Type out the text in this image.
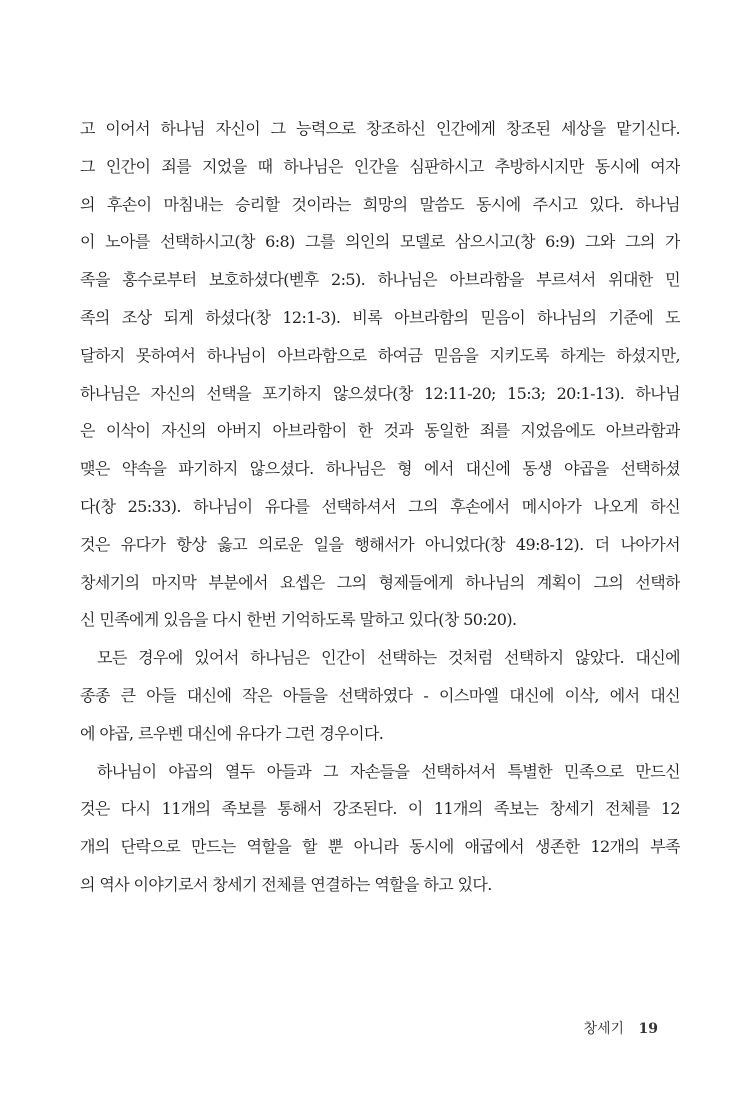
고 이어서 하나님 자신이 그 능력으로 창조하신 인간에게 창조된 세상을 맡기신다.
그 인간이 죄를 지었을 때 하나님은 인간을 심판하시고 추방하시지만 동시에 여자
의 후손이 마침내는 승리할 것이라는 희망의 말씀도 동시에 주시고 있다. 하나님
이 노아를 선택하시고(창 6:8) 그를 의인의 모델로 삼으시고(창 6:9) 그와 그의 가
족을 홍수로부터 보호하셨다(벧후 2:5). 하나님은 아브라함을 부르셔서 위대한 민
족의 조상 되게 하셨다(창 12:1-3). 비록 아브라함의 믿음이 하나님의 기준에 도
달하지 못하여서 하나님이 아브라함으로 하여금 믿음을 지키도록 하게는 하셨지만,
하나님은 자신의 선택을 포기하지 않으셨다(창 12:11-20; 15:3; 20:1-13). 하나님
은 이삭이 자신의 아버지 아브라함이 한 것과 동일한 죄를 지었음에도 아브라함과
맺은 약속을 파기하지 않으셨다. 하나님은 형 에서 대신에 동생 야곱을 선택하셨
다(창 25:33). 하나님이 유다를 선택하셔서 그의 후손에서 메시아가 나오게 하신
것은 유다가 항상 옳고 의로운 일을 행해서가 아니었다(창 49:8-12). 더 나아가서
창세기의 마지막 부분에서 요셉은 그의 형제들에게 하나님의 계획이 그의 선택하
신 민족에게 있음을 다시 한번 기억하도록 말하고 있다(창 50:20).
모든 경우에 있어서 하나님은 인간이 선택하는 것처럼 선택하지 않았다. 대신에
종종 큰 아들 대신에 작은 아들을 선택하였다 - 이스마엘 대신에 이삭, 에서 대신
에 야곱, 르우벤 대신에 유다가 그런 경우이다.
하나님이 야곱의 열두 아들과 그 자손들을 선택하셔서 특별한 민족으로 만드신
것은 다시 11개의 족보를 통해서 강조된다. 이 11개의 족보는 창세기 전체를 12
개의 단락으로 만드는 역할을 할 뿐 아니라 동시에 애굽에서 생존한 12개의 부족
의 역사 이야기로서 창세기 전체를 연결하는 역할을 하고 있다.
창세기 19
